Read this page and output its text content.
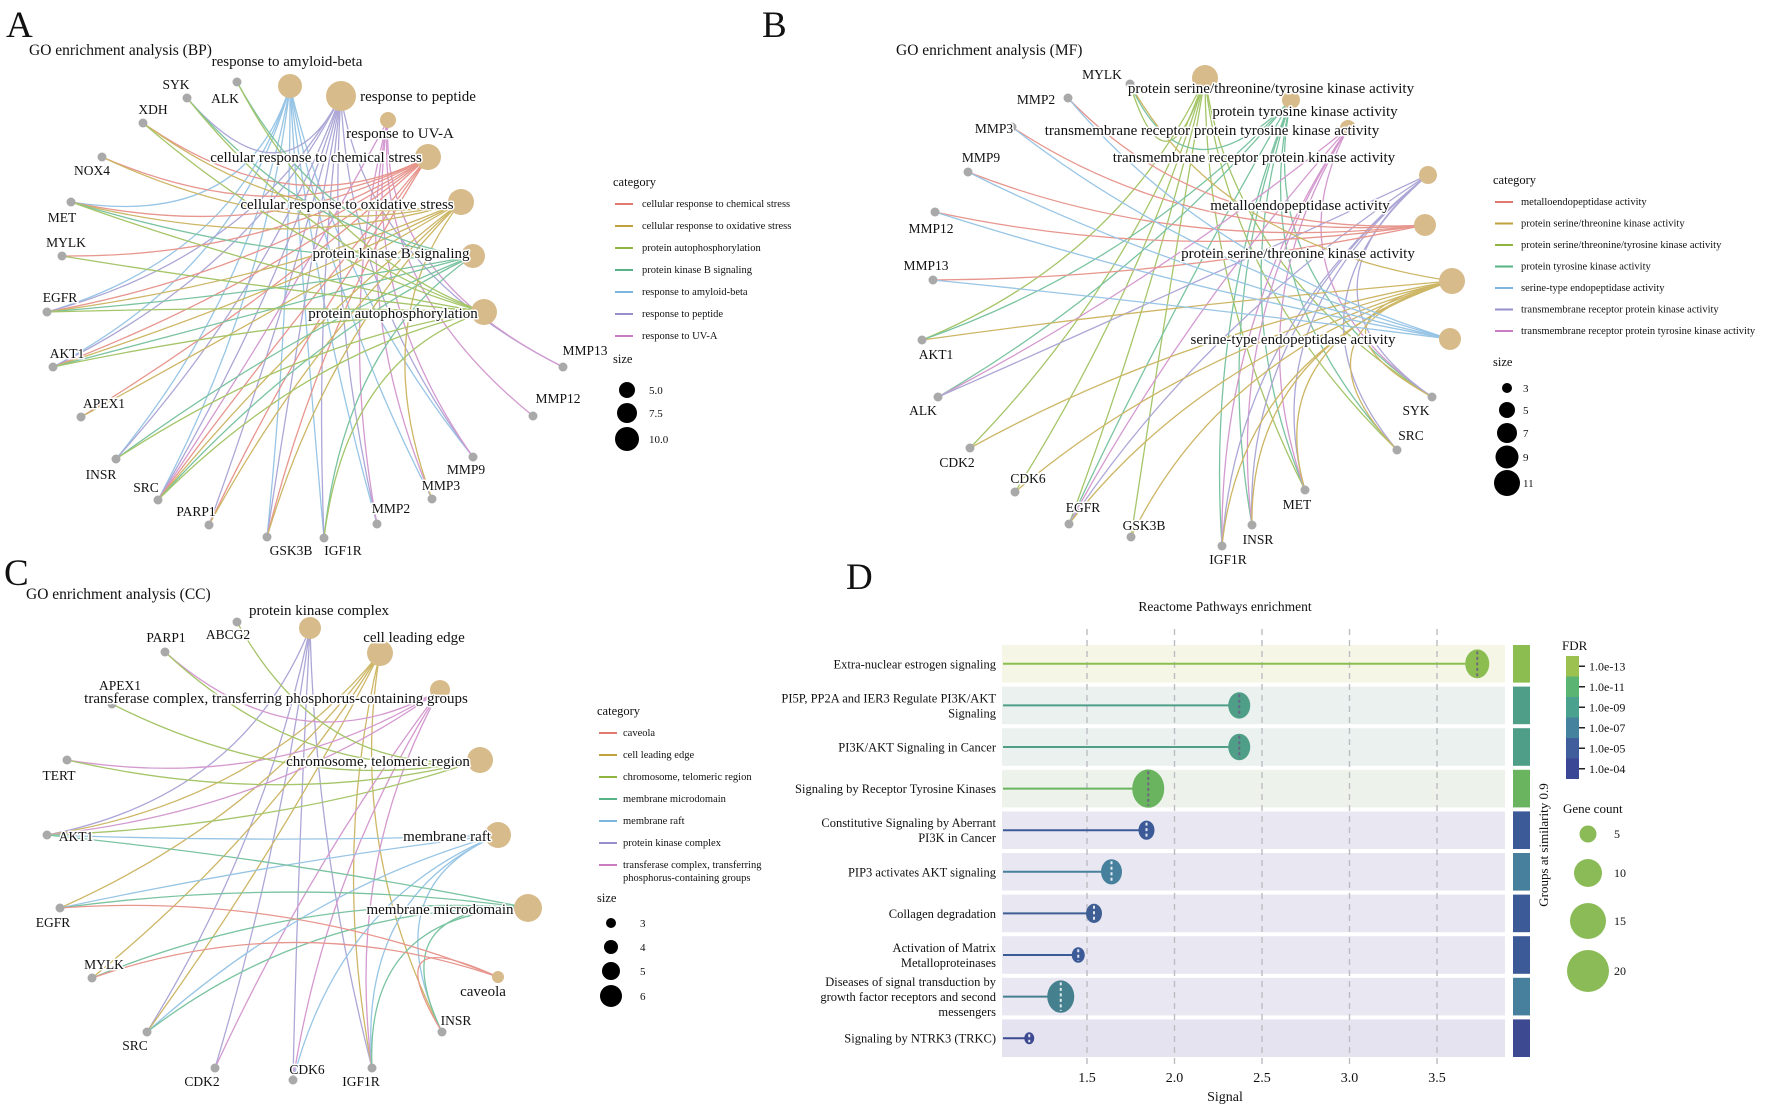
A	B
C	D
GO enrichment analysis (BP)	GO enrichment analysis (MF)
GO enrichment analysis (CC)
SYK
ALK
XDH
NOX4
MET
MYLK
EGFR
AKT1
APEX1
INSR
SRC
PARP1
GSK3B IGF1R
MMP2
MMP3
MMP9
MMP12
MMP13
response to amyloid-beta
response to peptide
response to UV-A
cellular response to chemical stress
cellular response to oxidative stress
protein kinase B signaling
protein autophosphorylation
category
cellular response to chemical stress
cellular response to oxidative stress
protein autophosphorylation
protein kinase B signaling
response to amyloid-beta
response to peptide
response to UV-A
size
5.0
7.5
10.0
MYLK
MMP2
MMP3
MMP9
MMP12
MMP13
AKT1
ALK
CDK2
CDK6
EGFR
GSK3B
IGF1R
INSR
MET
SRC
SYK
protein serine/threonine/tyrosine kinase activity
protein tyrosine kinase activity
transmembrane receptor protein tyrosine kinase activity
transmembrane receptor protein kinase activity
metalloendopeptidase activity
protein serine/threonine kinase activity
serine-type endopeptidase activity
category
metalloendopeptidase activity
protein serine/threonine kinase activity
protein serine/threonine/tyrosine kinase activity
protein tyrosine kinase activity
serine-type endopeptidase activity
transmembrane receptor protein kinase activity
transmembrane receptor protein tyrosine kinase activity
size
3
5
7
9
11
PARP1 ABCG2
APEX1
TERT
AKT1
EGFR
MYLK
SRC
CDK2
CDK6
IGF1R
INSR
protein kinase complex
cell leading edge
transferase complex, transferring phosphorus-containing groups
chromosome, telomeric region
membrane raft
membrane microdomain
caveola
category
caveola
cell leading edge
chromosome, telomeric region
membrane microdomain
membrane raft
protein kinase complex
transferase complex, transferring
phosphorus-containing groups
size
3
4
5
6
Reactome Pathways enrichment
Extra-nuclear estrogen signaling
PI5P, PP2A and IER3 Regulate PI3K/AKT Signaling
PI3K/AKT Signaling in Cancer
Signaling by Receptor Tyrosine Kinases
Constitutive Signaling by Aberrant PI3K in Cancer
PIP3 activates AKT signaling
Collagen degradation
Activation of Matrix Metalloproteinases
Diseases of signal transduction by growth factor receptors and second messengers
Signaling by NTRK3 (TRKC)
1.5	2.0	2.5	3.0	3.5
Signal
Groups at similarity 0.9
FDR
1.0e-13
1.0e-11
1.0e-09
1.0e-07
1.0e-05
1.0e-04
Gene count
5
10
15
20
